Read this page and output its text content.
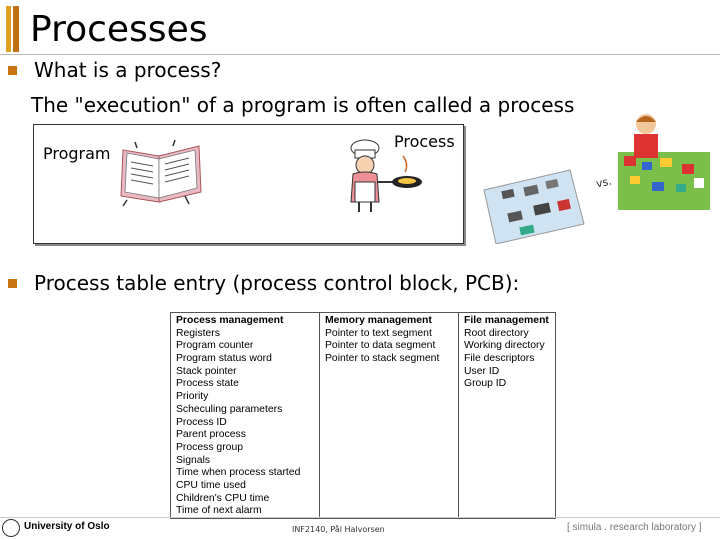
Processes
What is a process?
The "execution" of a program is often called a process
Program
Process
vs.
Process table entry (process control block, PCB):
Process management
Registers
Program counter
Program status word
Stack pointer
Process state
Priority
Scheculing parameters
Process ID
Parent process
Process group
Signals
Time when process started
CPU time used
Children's CPU time
Time of next alarm
Memory management
Pointer to text segment
Pointer to data segment
Pointer to stack segment
File management
Root directory
Working directory
File descriptors
User ID
Group ID
University of Oslo	INF2140, Pål Halvorsen	[ simula . research laboratory ]
